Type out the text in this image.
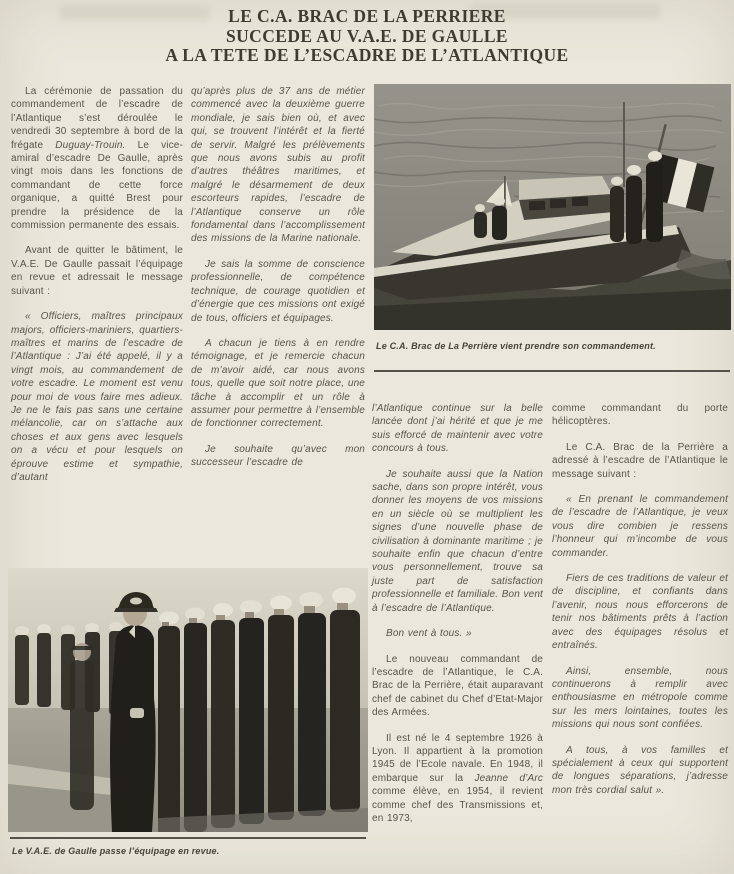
LE C.A. BRAC DE LA PERRIERE
SUCCEDE AU V.A.E. DE GAULLE
A LA TETE DE L’ESCADRE DE L’ATLANTIQUE

La cérémonie de passation du commandement de l’escadre de l’Atlantique s’est déroulée le vendredi 30 septembre à bord de la frégate Duguay-Trouin. Le vice-amiral d’escadre De Gaulle, après vingt mois dans les fonctions de commandant de cette force organique, a quitté Brest pour prendre la présidence de la commission permanente des essais.

Avant de quitter le bâtiment, le V.A.E. De Gaulle passait l’équipage en revue et adressait le message suivant :

« Officiers, maîtres principaux majors, officiers-mariniers, quartiers-maîtres et marins de l’escadre de l’Atlantique : J’ai été appelé, il y a vingt mois, au commandement de votre escadre. Le moment est venu pour moi de vous faire mes adieux. Je ne le fais pas sans une certaine mélancolie, car on s’attache aux choses et aux gens avec lesquels on a vécu et pour lesquels on éprouve estime et sympathie, d’autant

qu’après plus de 37 ans de métier commencé avec la deuxième guerre mondiale, je sais bien où, et avec qui, se trouvent l’intérêt et la fierté de servir. Malgré les prélèvements que nous avons subis au profit d’autres théâtres maritimes, et malgré le désarmement de deux escorteurs rapides, l’escadre de l’Atlantique conserve un rôle fondamental dans l’accomplissement des missions de la Marine nationale.

Je sais la somme de conscience professionnelle, de compétence technique, de courage quotidien et d’énergie que ces missions ont exigé de tous, officiers et équipages.

A chacun je tiens à en rendre témoignage, et je remercie chacun de m’avoir aidé, car nous avons tous, quelle que soit notre place, une tâche à accomplir et un rôle à assumer pour permettre à l’ensemble de fonctionner correctement.

Je souhaite qu’avec mon successeur l’escadre de

Le C.A. Brac de La Perrière vient prendre son commandement.

l’Atlantique continue sur la belle lancée dont j’ai hérité et que je me suis efforcé de maintenir avec votre concours à tous.

Je souhaite aussi que la Nation sache, dans son propre intérêt, vous donner les moyens de vos missions en un siècle où se multiplient les signes d’une nouvelle phase de civilisation à dominante maritime ; je souhaite enfin que chacun d’entre vous personnellement, trouve sa juste part de satisfaction professionnelle et familiale. Bon vent à l’escadre de l’Atlantique.

Bon vent à tous. »

Le nouveau commandant de l’escadre de l’Atlantique, le C.A. Brac de la Perrière, était auparavant chef de cabinet du Chef d’Etat-Major des Armées.

Il est né le 4 septembre 1926 à Lyon. Il appartient à la promotion 1945 de l’Ecole navale. En 1948, il embarque sur la Jeanne d’Arc comme élève, en 1954, il revient comme chef des Transmissions et, en 1973,

comme commandant du porte hélicoptères.

Le C.A. Brac de la Perrière a adressé à l’escadre de l’Atlantique le message suivant :

« En prenant le commandement de l’escadre de l’Atlantique, je veux vous dire combien je ressens l’honneur qui m’incombe de vous commander.

Fiers de ces traditions de valeur et de discipline, et confiants dans l’avenir, nous nous efforcerons de tenir nos bâtiments prêts à l’action avec des équipages résolus et entraînés.

Ainsi, ensemble, nous continuerons à remplir avec enthousiasme en métropole comme sur les mers lointaines, toutes les missions qui nous sont confiées.

A tous, à vos familles et spécialement à ceux qui supportent de longues séparations, j’adresse mon très cordial salut ».

Le V.A.E. de Gaulle passe l’équipage en revue.
